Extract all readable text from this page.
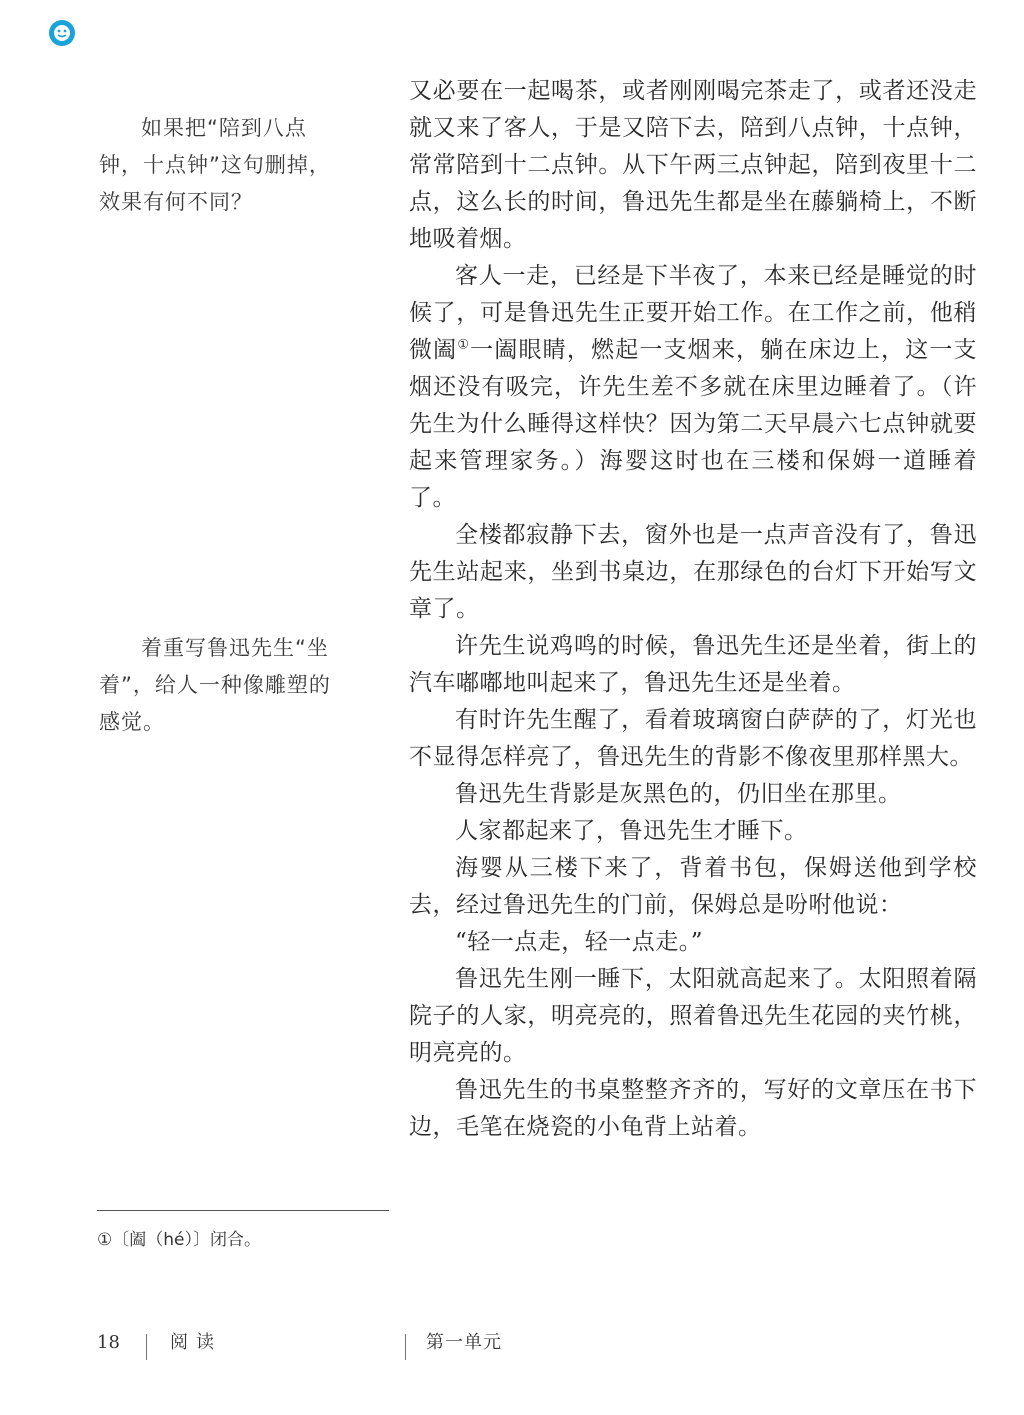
如果把“陪到八点钟，十点钟”这句删掉，效果有何不同？

着重写鲁迅先生“坐着”，给人一种像雕塑的感觉。

又必要在一起喝茶，或者刚刚喝完茶走了，或者还没走就又来了客人，于是又陪下去，陪到八点钟，十点钟，常常陪到十二点钟。从下午两三点钟起，陪到夜里十二点，这么长的时间，鲁迅先生都是坐在藤躺椅上，不断地吸着烟。

客人一走，已经是下半夜了，本来已经是睡觉的时候了，可是鲁迅先生正要开始工作。在工作之前，他稍微阖①一阖眼睛，燃起一支烟来，躺在床边上，这一支烟还没有吸完，许先生差不多就在床里边睡着了。（许先生为什么睡得这样快？因为第二天早晨六七点钟就要起来管理家务。）海婴这时也在三楼和保姆一道睡着了。

全楼都寂静下去，窗外也是一点声音没有了，鲁迅先生站起来，坐到书桌边，在那绿色的台灯下开始写文章了。

许先生说鸡鸣的时候，鲁迅先生还是坐着，街上的汽车嘟嘟地叫起来了，鲁迅先生还是坐着。

有时许先生醒了，看着玻璃窗白萨萨的了，灯光也不显得怎样亮了，鲁迅先生的背影不像夜里那样黑大。

鲁迅先生背影是灰黑色的，仍旧坐在那里。

人家都起来了，鲁迅先生才睡下。

海婴从三楼下来了，背着书包，保姆送他到学校去，经过鲁迅先生的门前，保姆总是吩咐他说：

“轻一点走，轻一点走。”

鲁迅先生刚一睡下，太阳就高起来了。太阳照着隔院子的人家，明亮亮的，照着鲁迅先生花园的夹竹桃，明亮亮的。

鲁迅先生的书桌整整齐齐的，写好的文章压在书下边，毛笔在烧瓷的小龟背上站着。

①〔阖（hé）〕闭合。
18	阅读	第一单元
